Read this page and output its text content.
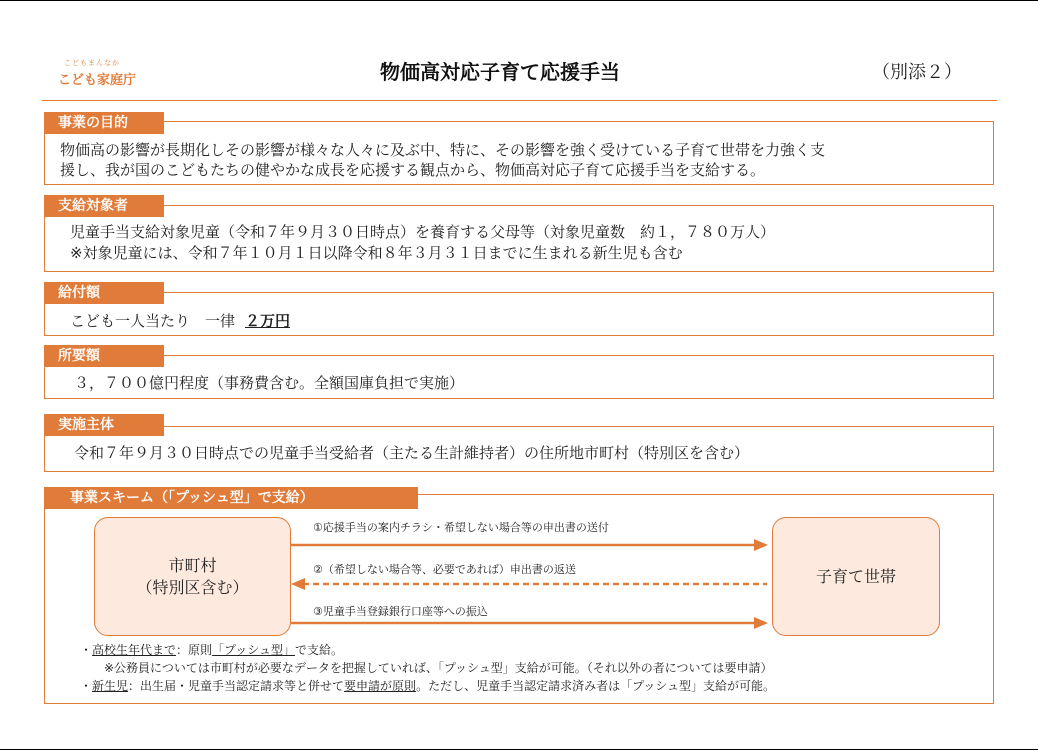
こどもまんなか
こども家庭庁	物価高対応子育て応援手当	（別添２）
事業の目的
物価高の影響が長期化しその影響が様々な人々に及ぶ中、特に、その影響を強く受けている子育て世帯を力強く支
援し、我が国のこどもたちの健やかな成長を応援する観点から、物価高対応子育て応援手当を支給する。
支給対象者
児童手当支給対象児童（令和７年９月３０日時点）を養育する父母等（対象児童数　約１，７８０万人）
※対象児童には、令和７年１０月１日以降令和８年３月３１日までに生まれる新生児も含む
給付額
こども一人当たり　一律 ２万円
所要額
３，７００億円程度（事務費含む。全額国庫負担で実施）
実施主体
令和７年９月３０日時点での児童手当受給者（主たる生計維持者）の住所地市町村（特別区を含む）
事業スキーム（「プッシュ型」で支給）
市町村
（特別区含む）
子育て世帯
①応援手当の案内チラシ・希望しない場合等の申出書の送付
②（希望しない場合等、必要であれば）申出書の返送
③児童手当登録銀行口座等への振込
・高校生年代まで：原則「プッシュ型」で支給。
※公務員については市町村が必要なデータを把握していれば、「プッシュ型」支給が可能。（それ以外の者については要申請）
・新生児：出生届・児童手当認定請求等と併せて要申請が原則。ただし、児童手当認定請求済み者は「プッシュ型」支給が可能。
